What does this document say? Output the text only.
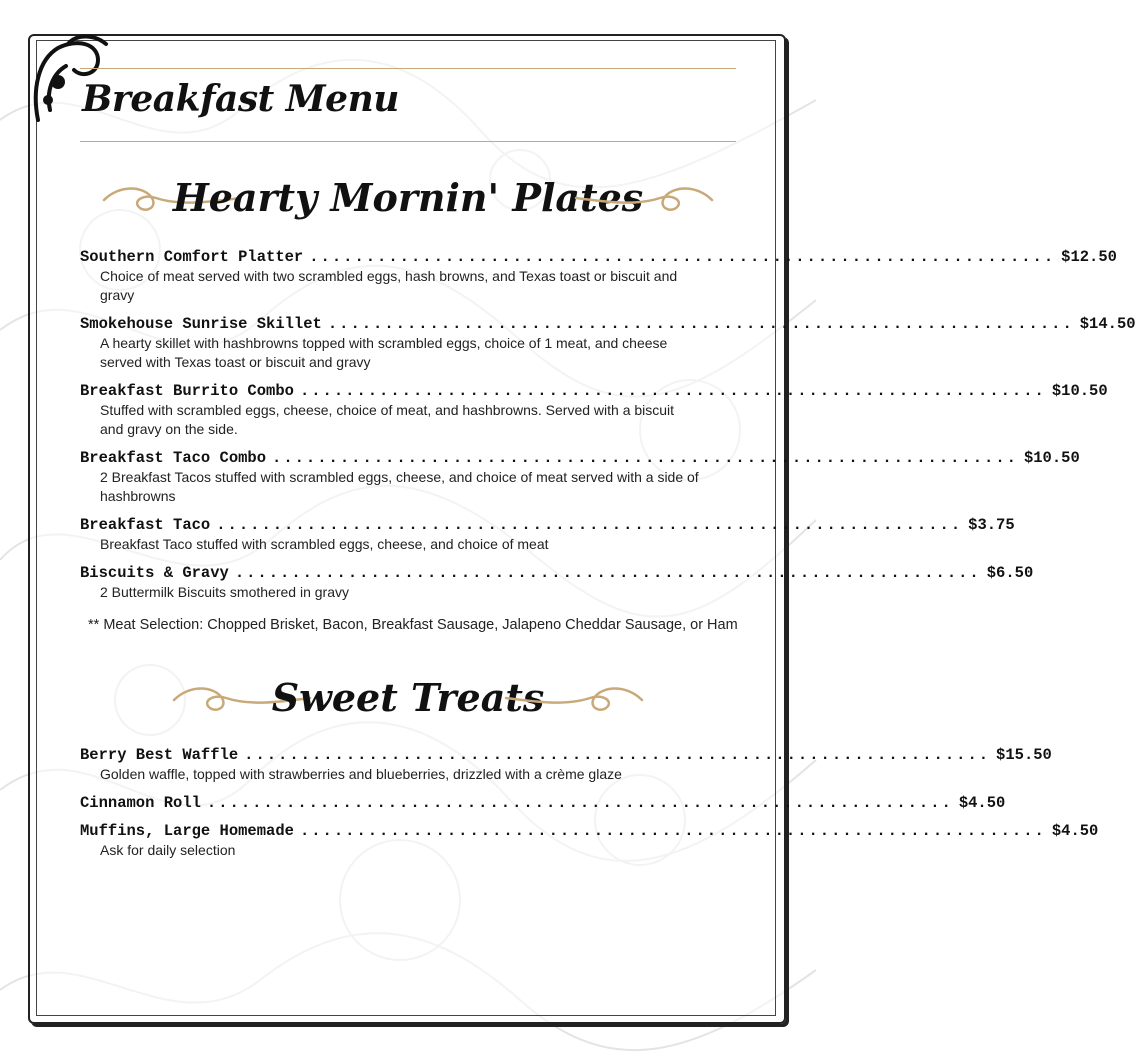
Breakfast Menu
Hearty Mornin' Plates
Southern Comfort Platter .................................................................. $12.50
Choice of meat served with two scrambled eggs, hash browns, and Texas toast or biscuit and gravy
Smokehouse Sunrise Skillet .................................................................. $14.50
A hearty skillet with hashbrowns topped with scrambled eggs, choice of 1 meat, and cheese served with Texas toast or biscuit and gravy
Breakfast Burrito Combo .................................................................. $10.50
Stuffed with scrambled eggs, cheese, choice of meat, and hashbrowns. Served with a biscuit and gravy on the side.
Breakfast Taco Combo .................................................................. $10.50
2 Breakfast Tacos stuffed with scrambled eggs, cheese, and choice of meat served with a side of hashbrowns
Breakfast Taco .................................................................. $3.75
Breakfast Taco stuffed with scrambled eggs, cheese, and choice of meat
Biscuits & Gravy .................................................................. $6.50
2 Buttermilk Biscuits smothered in gravy
** Meat Selection: Chopped Brisket, Bacon, Breakfast Sausage, Jalapeno Cheddar Sausage, or Ham
Sweet Treats
Berry Best Waffle .................................................................. $15.50
Golden waffle, topped with strawberries and blueberries, drizzled with a crème glaze
Cinnamon Roll .................................................................. $4.50
Muffins, Large Homemade .................................................................. $4.50
Ask for daily selection
